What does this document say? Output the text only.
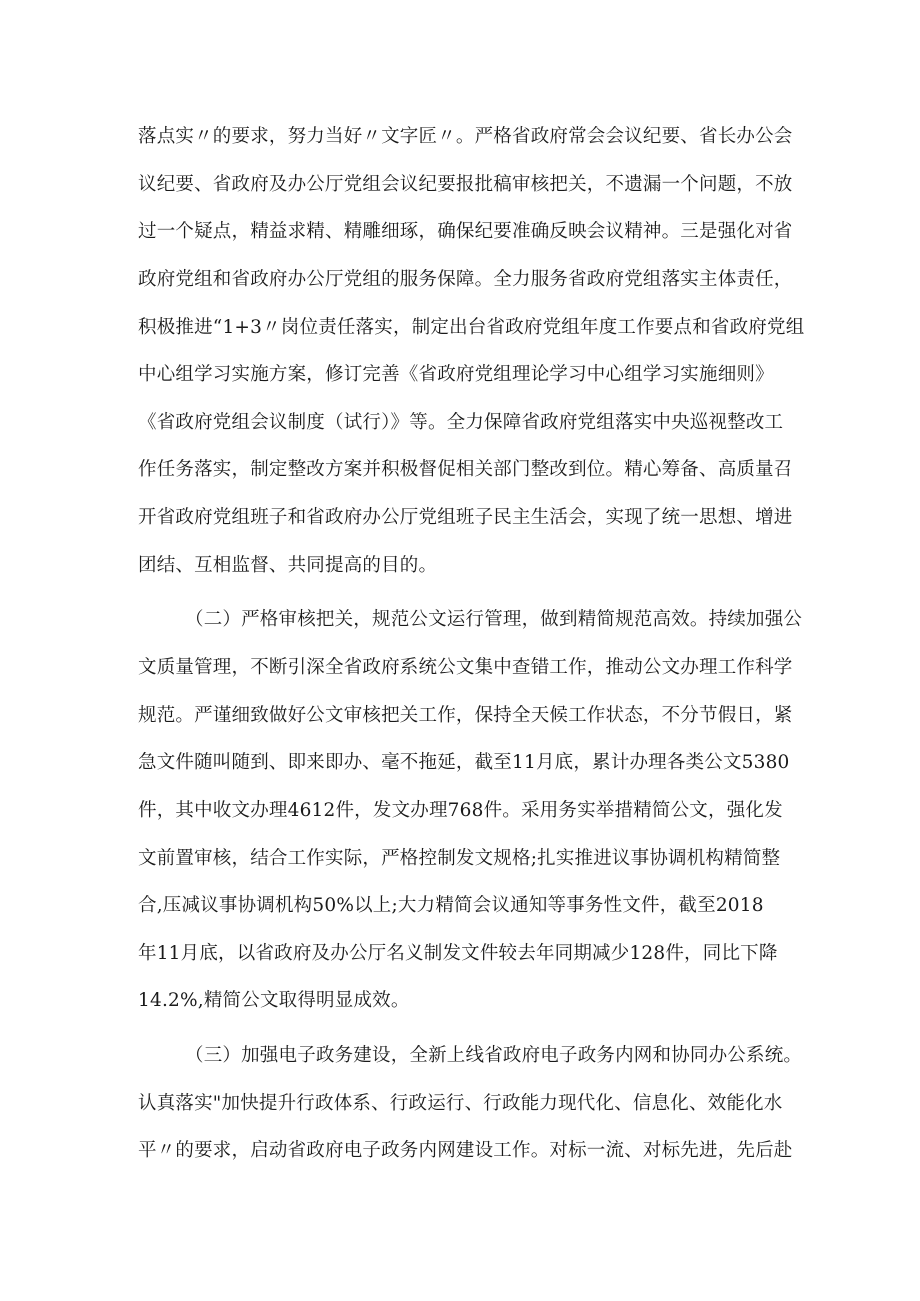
落点实〃的要求，努力当好〃文字匠〃。严格省政府常会会议纪要、省长办公会
议纪要、省政府及办公厅党组会议纪要报批稿审核把关，不遗漏一个问题，不放
过一个疑点，精益求精、精雕细琢，确保纪要准确反映会议精神。三是强化对省
政府党组和省政府办公厅党组的服务保障。全力服务省政府党组落实主体责任，
积极推进“1+3〃岗位责任落实，制定出台省政府党组年度工作要点和省政府党组
中心组学习实施方案，修订完善《省政府党组理论学习中心组学习实施细则》
《省政府党组会议制度（试行）》等。全力保障省政府党组落实中央巡视整改工
作任务落实，制定整改方案并积极督促相关部门整改到位。精心筹备、高质量召
开省政府党组班子和省政府办公厅党组班子民主生活会，实现了统一思想、增进
团结、互相监督、共同提高的目的。
（二）严格审核把关，规范公文运行管理，做到精简规范高效。持续加强公
文质量管理，不断引深全省政府系统公文集中查错工作，推动公文办理工作科学
规范。严谨细致做好公文审核把关工作，保持全天候工作状态，不分节假日，紧
急文件随叫随到、即来即办、毫不拖延，截至11月底，累计办理各类公文5380
件，其中收文办理4612件，发文办理768件。采用务实举措精简公文，强化发
文前置审核，结合工作实际，严格控制发文规格;扎实推进议事协调机构精简整
合,压减议事协调机构50%以上;大力精简会议通知等事务性文件，截至2018
年11月底，以省政府及办公厅名义制发文件较去年同期减少128件，同比下降
14.2%,精简公文取得明显成效。
（三）加强电子政务建设，全新上线省政府电子政务内网和协同办公系统。
认真落实"加快提升行政体系、行政运行、行政能力现代化、信息化、效能化水
平〃的要求，启动省政府电子政务内网建设工作。对标一流、对标先进，先后赴
